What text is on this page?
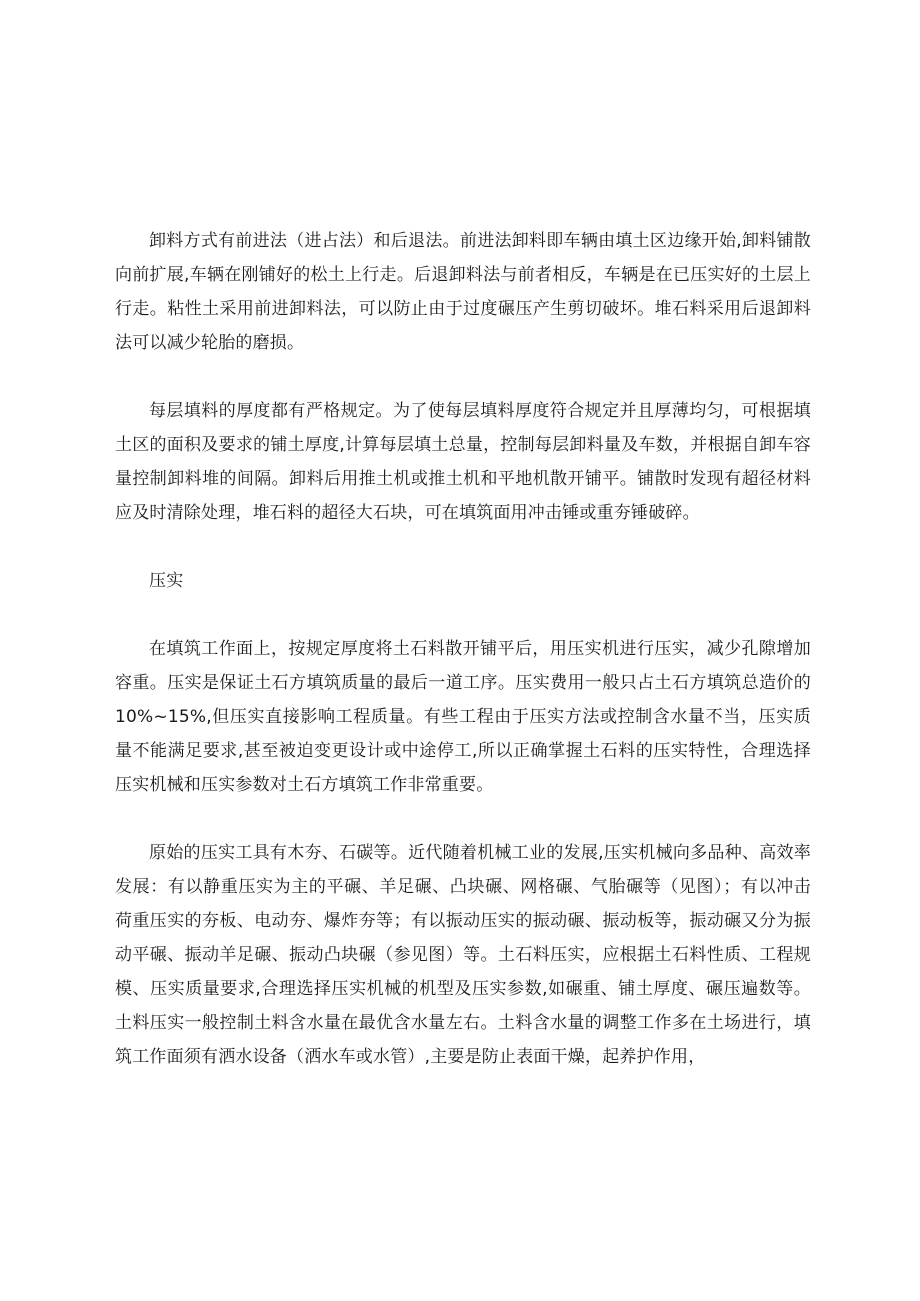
卸料方式有前进法（进占法）和后退法。前进法卸料即车辆由填土区边缘开始,卸料铺散向前扩展,车辆在刚铺好的松土上行走。后退卸料法与前者相反，车辆是在已压实好的土层上行走。粘性土采用前进卸料法，可以防止由于过度碾压产生剪切破坏。堆石料采用后退卸料法可以减少轮胎的磨损。

每层填料的厚度都有严格规定。为了使每层填料厚度符合规定并且厚薄均匀，可根据填土区的面积及要求的铺土厚度,计算每层填土总量，控制每层卸料量及车数，并根据自卸车容量控制卸料堆的间隔。卸料后用推土机或推土机和平地机散开铺平。铺散时发现有超径材料应及时清除处理，堆石料的超径大石块，可在填筑面用冲击锤或重夯锤破碎。

压实

在填筑工作面上，按规定厚度将土石料散开铺平后，用压实机进行压实，减少孔隙增加容重。压实是保证土石方填筑质量的最后一道工序。压实费用一般只占土石方填筑总造价的10%~15%,但压实直接影响工程质量。有些工程由于压实方法或控制含水量不当，压实质量不能满足要求,甚至被迫变更设计或中途停工,所以正确掌握土石料的压实特性，合理选择压实机械和压实参数对土石方填筑工作非常重要。

原始的压实工具有木夯、石碳等。近代随着机械工业的发展,压实机械向多品种、高效率发展：有以静重压实为主的平碾、羊足碾、凸块碾、网格碾、气胎碾等（见图）；有以冲击荷重压实的夯板、电动夯、爆炸夯等；有以振动压实的振动碾、振动板等，振动碾又分为振动平碾、振动羊足碾、振动凸块碾（参见图）等。土石料压实，应根据土石料性质、工程规模、压实质量要求,合理选择压实机械的机型及压实参数,如碾重、铺土厚度、碾压遍数等。土料压实一般控制土料含水量在最优含水量左右。土料含水量的调整工作多在土场进行，填筑工作面须有洒水设备（洒水车或水管）,主要是防止表面干燥，起养护作用，
